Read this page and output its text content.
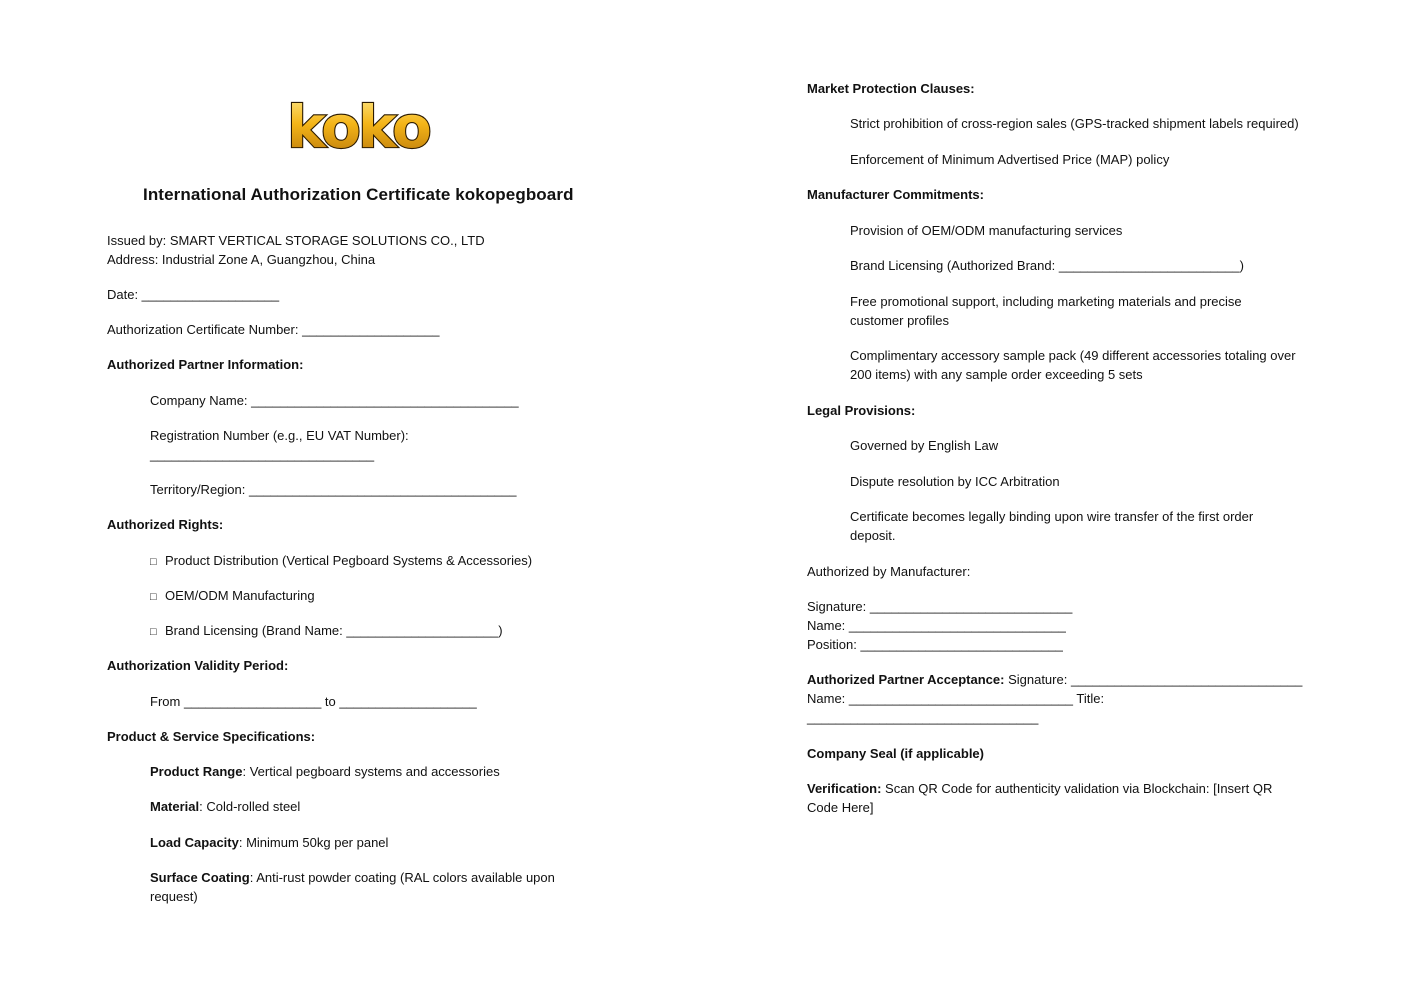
koko
International Authorization Certificate kokopegboard
Issued by: SMART VERTICAL STORAGE SOLUTIONS CO., LTD
Address: Industrial Zone A, Guangzhou, China
Date: ___________________
Authorization Certificate Number: ___________________
Authorized Partner Information:
Company Name: _____________________________________
Registration Number (e.g., EU VAT Number):
_______________________________
Territory/Region: _____________________________________
Authorized Rights:
□ Product Distribution (Vertical Pegboard Systems & Accessories)
□ OEM/ODM Manufacturing
□ Brand Licensing (Brand Name: _____________________)
Authorization Validity Period:
From ___________________ to ___________________
Product & Service Specifications:
Product Range: Vertical pegboard systems and accessories
Material: Cold-rolled steel
Load Capacity: Minimum 50kg per panel
Surface Coating: Anti-rust powder coating (RAL colors available upon request)
Market Protection Clauses:
Strict prohibition of cross-region sales (GPS-tracked shipment labels required)
Enforcement of Minimum Advertised Price (MAP) policy
Manufacturer Commitments:
Provision of OEM/ODM manufacturing services
Brand Licensing (Authorized Brand: _________________________)
Free promotional support, including marketing materials and precise customer profiles
Complimentary accessory sample pack (49 different accessories totaling over 200 items) with any sample order exceeding 5 sets
Legal Provisions:
Governed by English Law
Dispute resolution by ICC Arbitration
Certificate becomes legally binding upon wire transfer of the first order deposit.
Authorized by Manufacturer:
Signature: ____________________________
Name: ______________________________
Position: ____________________________
Authorized Partner Acceptance: Signature: ________________________________
Name: _______________________________ Title:
________________________________
Company Seal (if applicable)
Verification: Scan QR Code for authenticity validation via Blockchain: [Insert QR Code Here]
